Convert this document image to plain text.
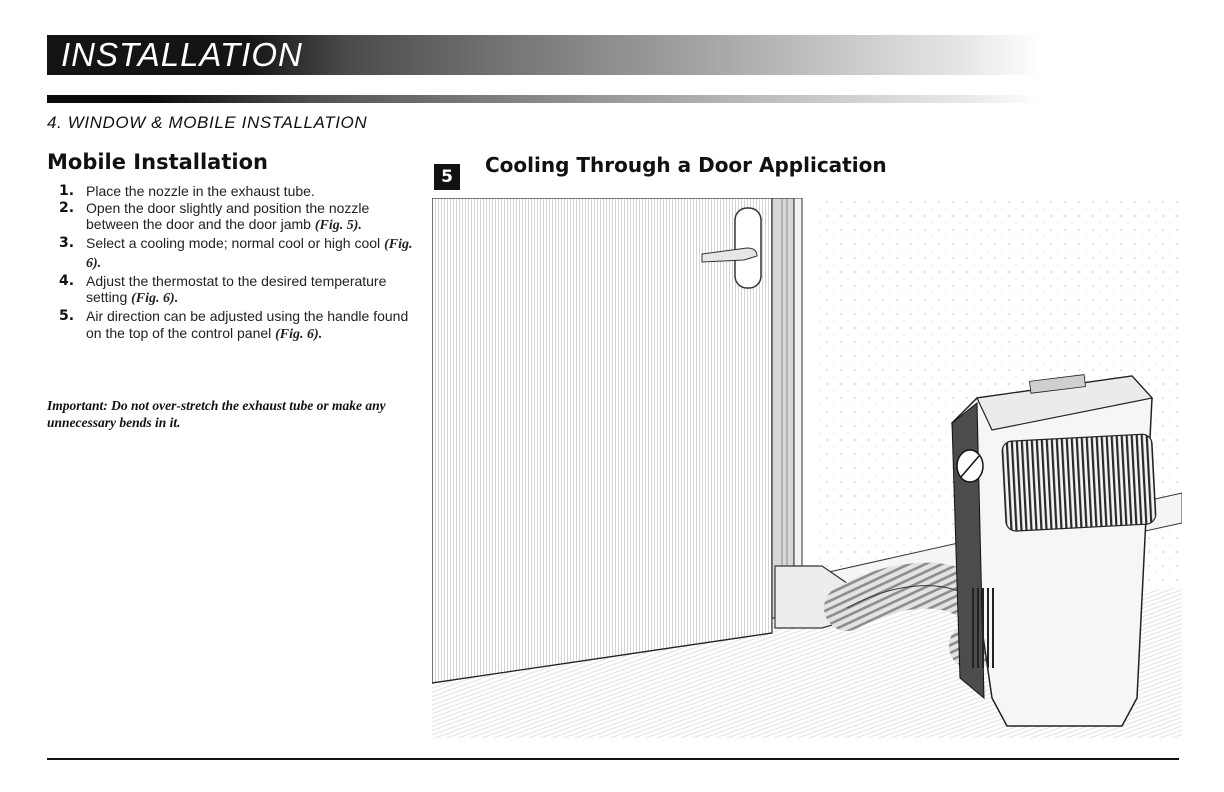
INSTALLATION
4. WINDOW & MOBILE INSTALLATION
Mobile Installation
1. Place the nozzle in the exhaust tube.
2. Open the door slightly and position the nozzle between the door and the door jamb (Fig. 5).
3. Select a cooling mode; normal cool or high cool (Fig. 6).
4. Adjust the thermostat to the desired temperature setting (Fig. 6).
5. Air direction can be adjusted using the handle found on the top of the control panel (Fig. 6).
Important: Do not over-stretch the exhaust tube or make any unnecessary bends in it.
5	Cooling Through a Door Application
